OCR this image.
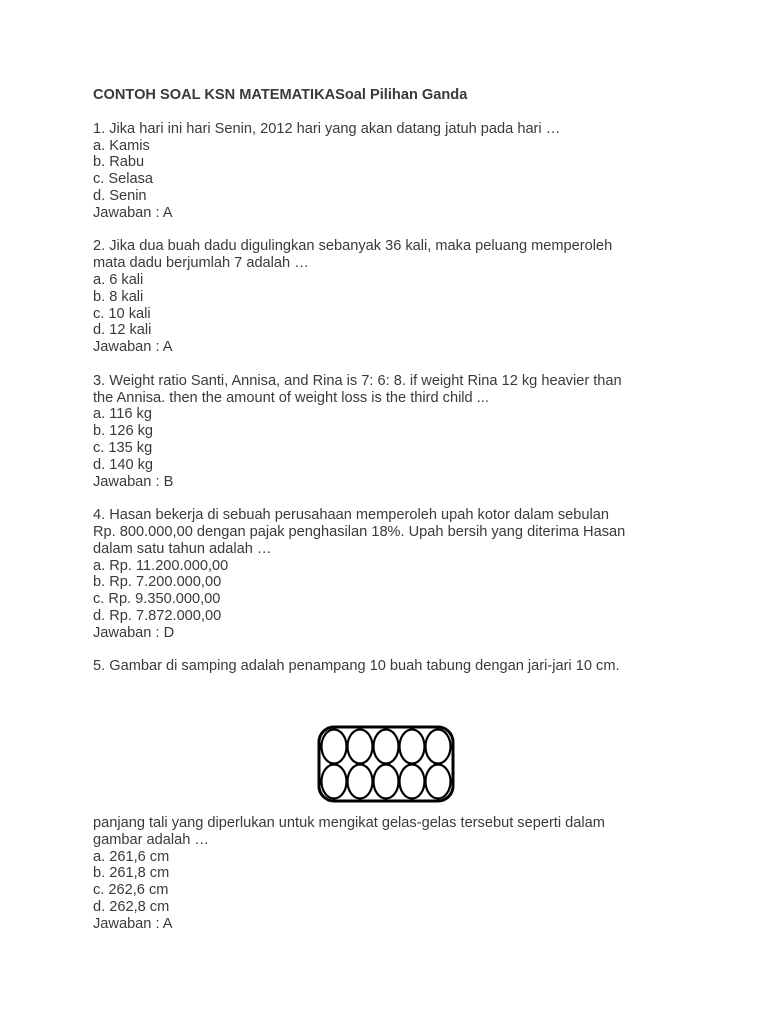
CONTOH SOAL KSN MATEMATIKASoal Pilihan Ganda

1. Jika hari ini hari Senin, 2012 hari yang akan datang jatuh pada hari …

a. Kamis

b. Rabu

c. Selasa

d. Senin

Jawaban : A

2. Jika dua buah dadu digulingkan sebanyak 36 kali, maka peluang memperoleh

mata dadu berjumlah 7 adalah …

a. 6 kali

b. 8 kali

c. 10 kali

d. 12 kali

Jawaban : A

3. Weight ratio Santi, Annisa, and Rina is 7: 6: 8. if weight Rina 12 kg heavier than

the Annisa. then the amount of weight loss is the third child ...

a. 116 kg

b. 126 kg

c. 135 kg

d. 140 kg

Jawaban : B

4. Hasan bekerja di sebuah perusahaan memperoleh upah kotor dalam sebulan

Rp. 800.000,00 dengan pajak penghasilan 18%. Upah bersih yang diterima Hasan

dalam satu tahun adalah …

a. Rp. 11.200.000,00

b. Rp. 7.200.000,00

c. Rp. 9.350.000,00

d. Rp. 7.872.000,00

Jawaban : D

5. Gambar di samping adalah penampang 10 buah tabung dengan jari-jari 10 cm.

panjang tali yang diperlukan untuk mengikat gelas-gelas tersebut seperti dalam

gambar adalah …

a. 261,6 cm

b. 261,8 cm

c. 262,6 cm

d. 262,8 cm

Jawaban : A
